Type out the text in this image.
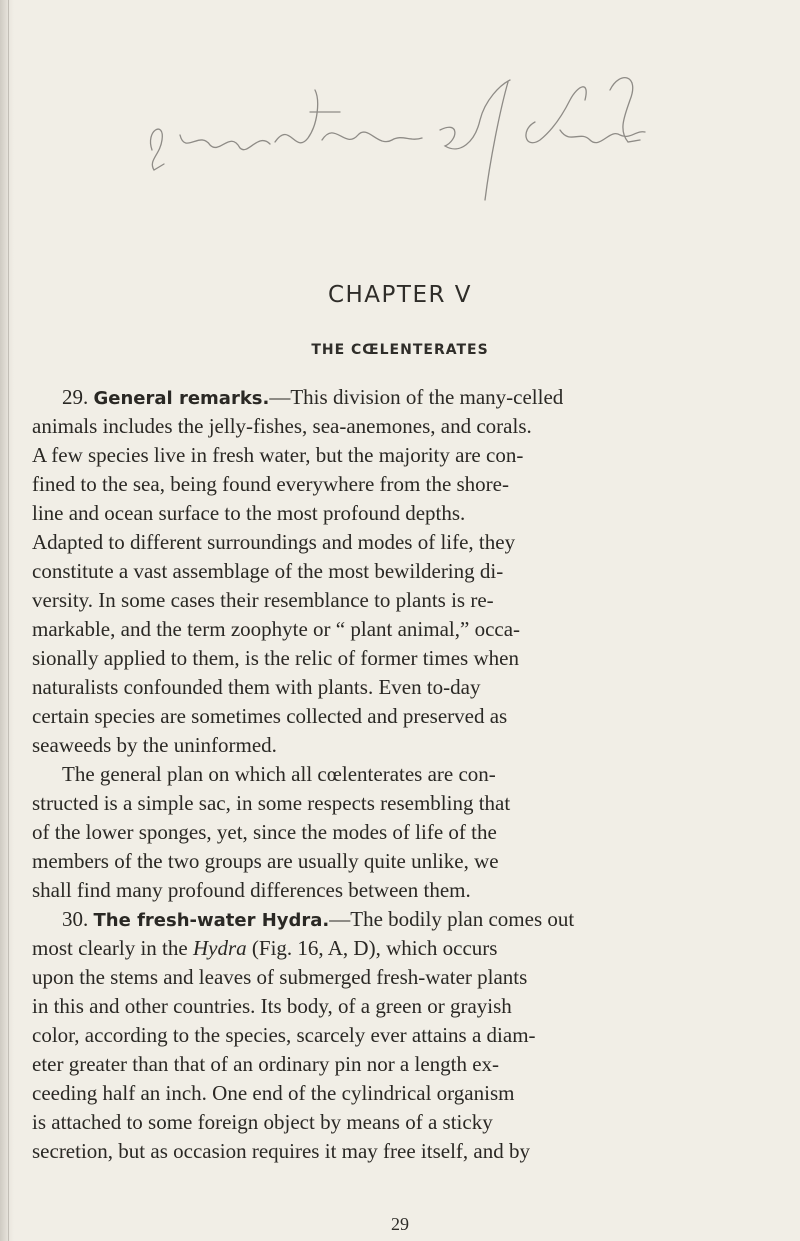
CHAPTER V
THE CŒLENTERATES
29. General remarks.—This division of the many-celled
animals includes the jelly-fishes, sea-anemones, and corals.
A few species live in fresh water, but the majority are con-
fined to the sea, being found everywhere from the shore-
line and ocean surface to the most profound depths.
Adapted to different surroundings and modes of life, they
constitute a vast assemblage of the most bewildering di-
versity. In some cases their resemblance to plants is re-
markable, and the term zoophyte or “ plant animal,” occa-
sionally applied to them, is the relic of former times when
naturalists confounded them with plants. Even to-day
certain species are sometimes collected and preserved as
seaweeds by the uninformed.
The general plan on which all cœlenterates are con-
structed is a simple sac, in some respects resembling that
of the lower sponges, yet, since the modes of life of the
members of the two groups are usually quite unlike, we
shall find many profound differences between them.
30. The fresh-water Hydra.—The bodily plan comes out
most clearly in the Hydra (Fig. 16, A, D), which occurs
upon the stems and leaves of submerged fresh-water plants
in this and other countries. Its body, of a green or grayish
color, according to the species, scarcely ever attains a diam-
eter greater than that of an ordinary pin nor a length ex-
ceeding half an inch. One end of the cylindrical organism
is attached to some foreign object by means of a sticky
secretion, but as occasion requires it may free itself, and by
29
